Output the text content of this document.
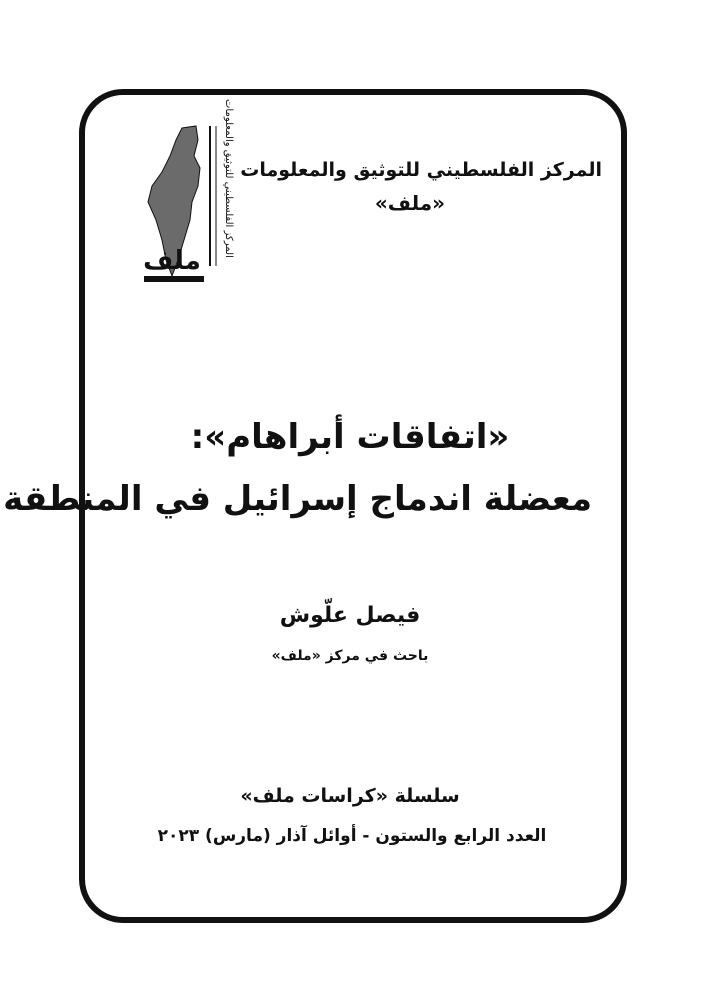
المركز الفلسطيني للتوثيق والمعلومات
ملف
المركز الفلسطيني للتوثيق والمعلومات
«ملف»
«اتفاقات أبراهام»:
معضلة اندماج إسرائيل في المنطقة
فيصل علّوش
باحث في مركز «ملف»
سلسلة «كراسات ملف»
العدد الرابع والستون - أوائل آذار (مارس) ٢٠٢٣
